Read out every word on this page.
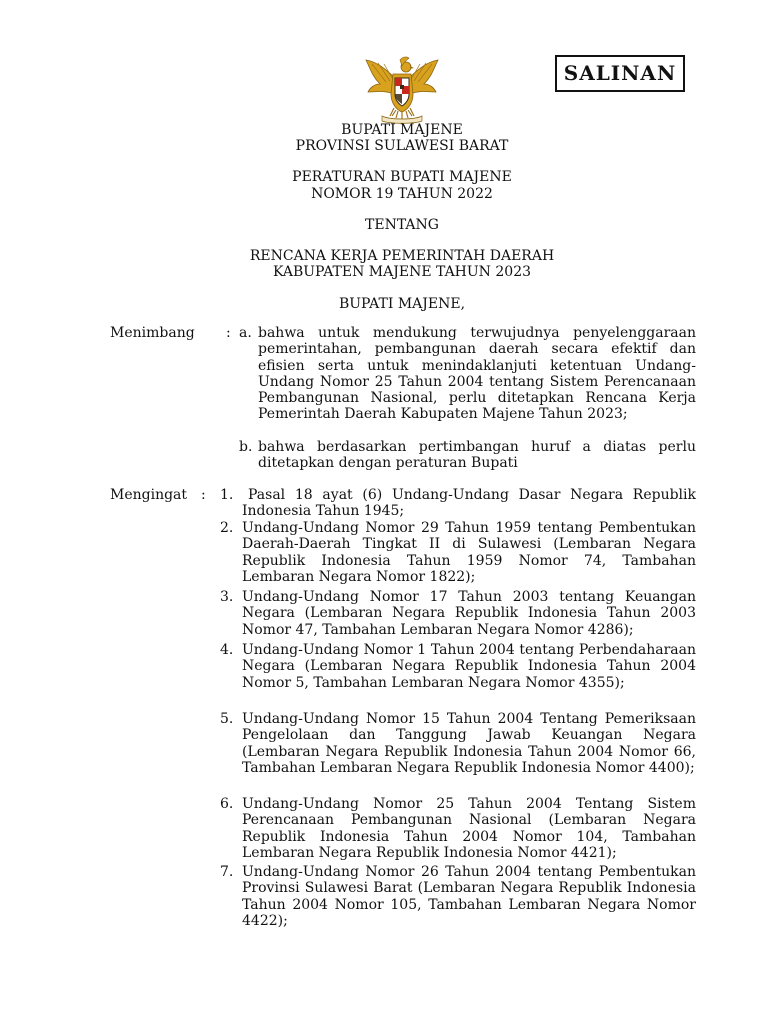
SALINAN
BUPATI MAJENE
PROVINSI SULAWESI BARAT
PERATURAN BUPATI MAJENE
NOMOR 19 TAHUN 2022
TENTANG
RENCANA KERJA PEMERINTAH DAERAH
KABUPATEN MAJENE TAHUN 2023
BUPATI MAJENE,
Menimbang : a. bahwa untuk mendukung terwujudnya penyelenggaraan pemerintahan, pembangunan daerah secara efektif dan efisien serta untuk menindaklanjuti ketentuan Undang-Undang Nomor 25 Tahun 2004 tentang Sistem Perencanaan Pembangunan Nasional, perlu ditetapkan Rencana Kerja Pemerintah Daerah Kabupaten Majene Tahun 2023;
b. bahwa berdasarkan pertimbangan huruf a diatas perlu ditetapkan dengan peraturan Bupati
Mengingat : 1.	Pasal 18 ayat (6) Undang-Undang Dasar Negara Republik Indonesia Tahun 1945;
2. Undang-Undang Nomor 29 Tahun 1959 tentang Pembentukan Daerah-Daerah Tingkat II di Sulawesi (Lembaran Negara Republik Indonesia Tahun 1959 Nomor 74, Tambahan Lembaran Negara Nomor 1822);
3. Undang-Undang Nomor 17 Tahun 2003 tentang Keuangan Negara (Lembaran Negara Republik Indonesia Tahun 2003 Nomor 47, Tambahan Lembaran Negara Nomor 4286);
4. Undang-Undang Nomor 1 Tahun 2004 tentang Perbendaharaan Negara (Lembaran Negara Republik Indonesia Tahun 2004 Nomor 5, Tambahan Lembaran Negara Nomor 4355);
5. Undang-Undang Nomor 15 Tahun 2004 Tentang Pemeriksaan Pengelolaan dan Tanggung Jawab Keuangan Negara (Lembaran Negara Republik Indonesia Tahun 2004 Nomor 66, Tambahan Lembaran Negara Republik Indonesia Nomor 4400);
6. Undang-Undang Nomor 25 Tahun 2004 Tentang Sistem Perencanaan Pembangunan Nasional (Lembaran Negara Republik Indonesia Tahun 2004 Nomor 104, Tambahan Lembaran Negara Republik Indonesia Nomor 4421);
7. Undang-Undang Nomor 26 Tahun 2004 tentang Pembentukan Provinsi Sulawesi Barat (Lembaran Negara Republik Indonesia Tahun 2004 Nomor 105, Tambahan Lembaran Negara Nomor 4422);
